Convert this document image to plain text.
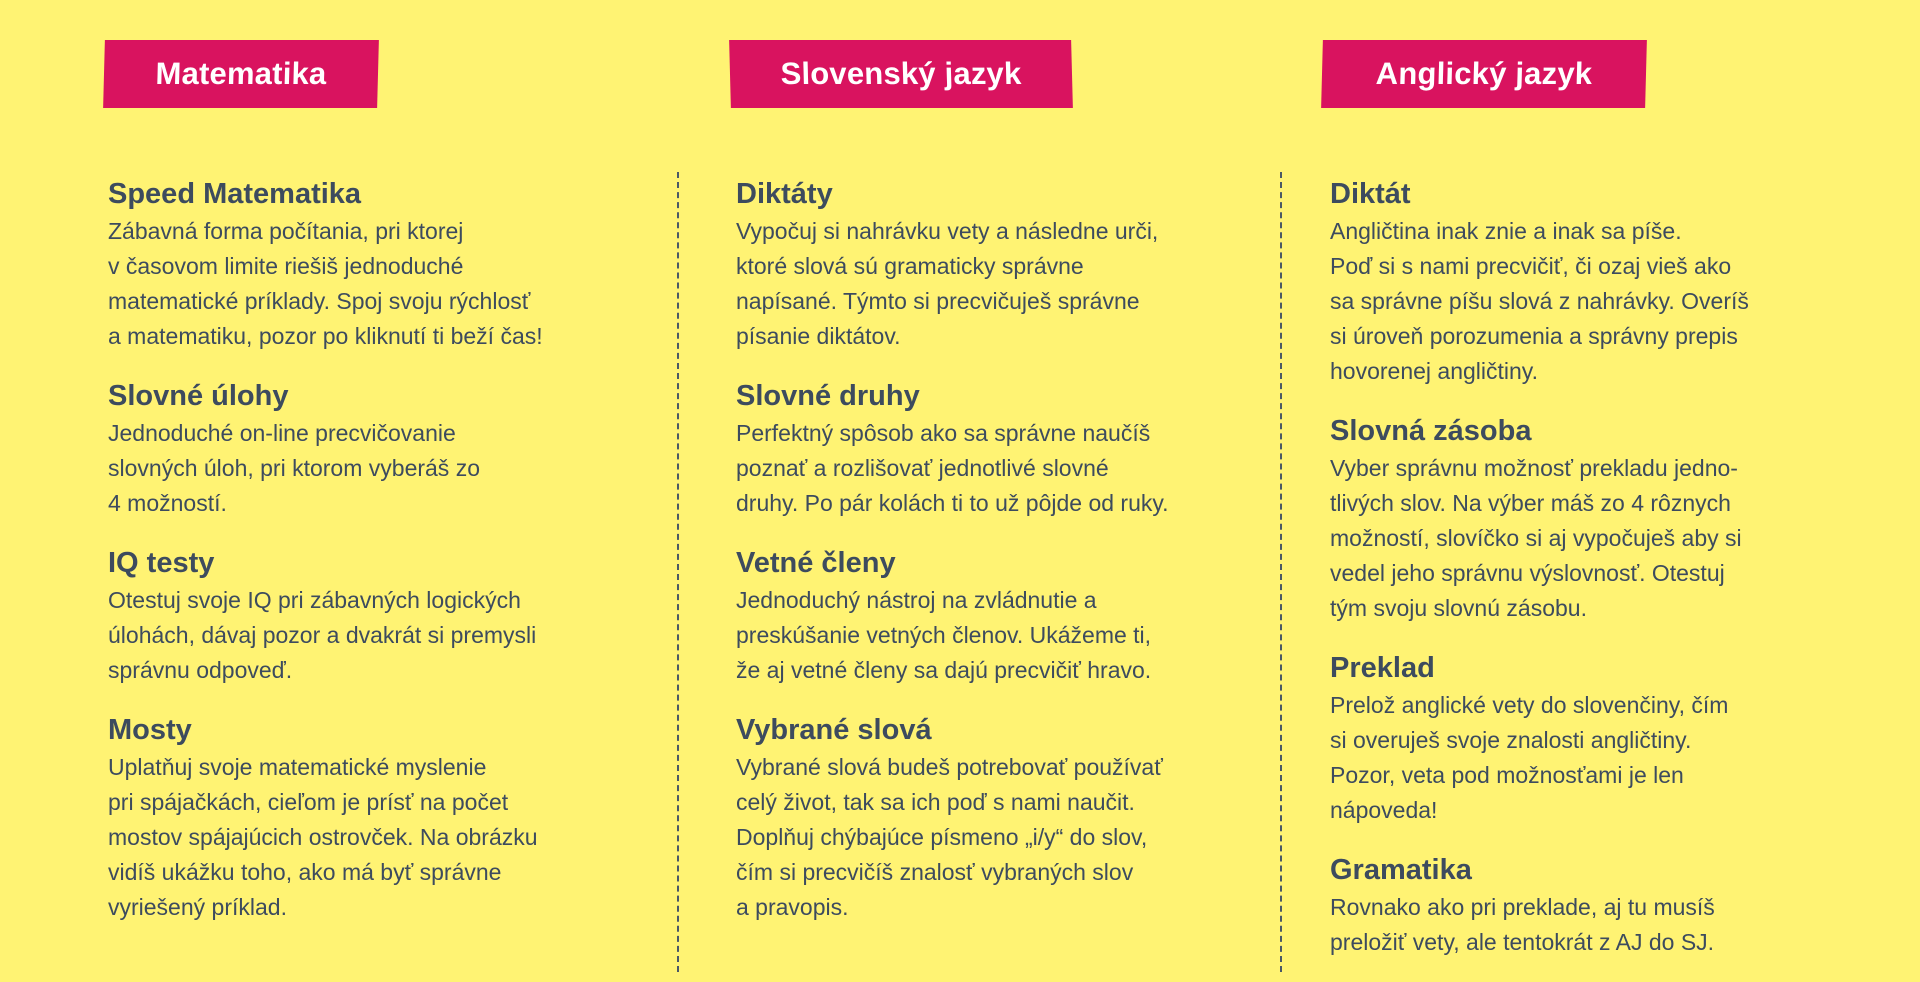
Matematika
Speed Matematika
Zábavná forma počítania, pri ktorej
v časovom limite riešiš jednoduché
matematické príklady. Spoj svoju rýchlosť
a matematiku, pozor po kliknutí ti beží čas!
Slovné úlohy
Jednoduché on-line precvičovanie
slovných úloh, pri ktorom vyberáš zo
4 možností.
IQ testy
Otestuj svoje IQ pri zábavných logických
úlohách, dávaj pozor a dvakrát si premysli
správnu odpoveď.
Mosty
Uplatňuj svoje matematické myslenie
pri spájačkách, cieľom je prísť na počet
mostov spájajúcich ostrovček. Na obrázku
vidíš ukážku toho, ako má byť správne
vyriešený príklad.
Slovenský jazyk
Diktáty
Vypočuj si nahrávku vety a následne urči,
ktoré slová sú gramaticky správne
napísané. Týmto si precvičuješ správne
písanie diktátov.
Slovné druhy
Perfektný spôsob ako sa správne naučíš
poznať a rozlišovať jednotlivé slovné
druhy. Po pár kolách ti to už pôjde od ruky.
Vetné členy
Jednoduchý nástroj na zvládnutie a
preskúšanie vetných členov. Ukážeme ti,
že aj vetné členy sa dajú precvičiť hravo.
Vybrané slová
Vybrané slová budeš potrebovať používať
celý život, tak sa ich poď s nami naučit.
Doplňuj chýbajúce písmeno „i/y“ do slov,
čím si precvičíš znalosť vybraných slov
a pravopis.
Anglický jazyk
Diktát
Angličtina inak znie a inak sa píše.
Poď si s nami precvičiť, či ozaj vieš ako
sa správne píšu slová z nahrávky. Overíš
si úroveň porozumenia a správny prepis
hovorenej angličtiny.
Slovná zásoba
Vyber správnu možnosť prekladu jedno-
tlivých slov. Na výber máš zo 4 rôznych
možností, slovíčko si aj vypočuješ aby si
vedel jeho správnu výslovnosť. Otestuj
tým svoju slovnú zásobu.
Preklad
Prelož anglické vety do slovenčiny, čím
si overuješ svoje znalosti angličtiny.
Pozor, veta pod možnosťami je len
nápoveda!
Gramatika
Rovnako ako pri preklade, aj tu musíš
preložiť vety, ale tentokrát z AJ do SJ.
